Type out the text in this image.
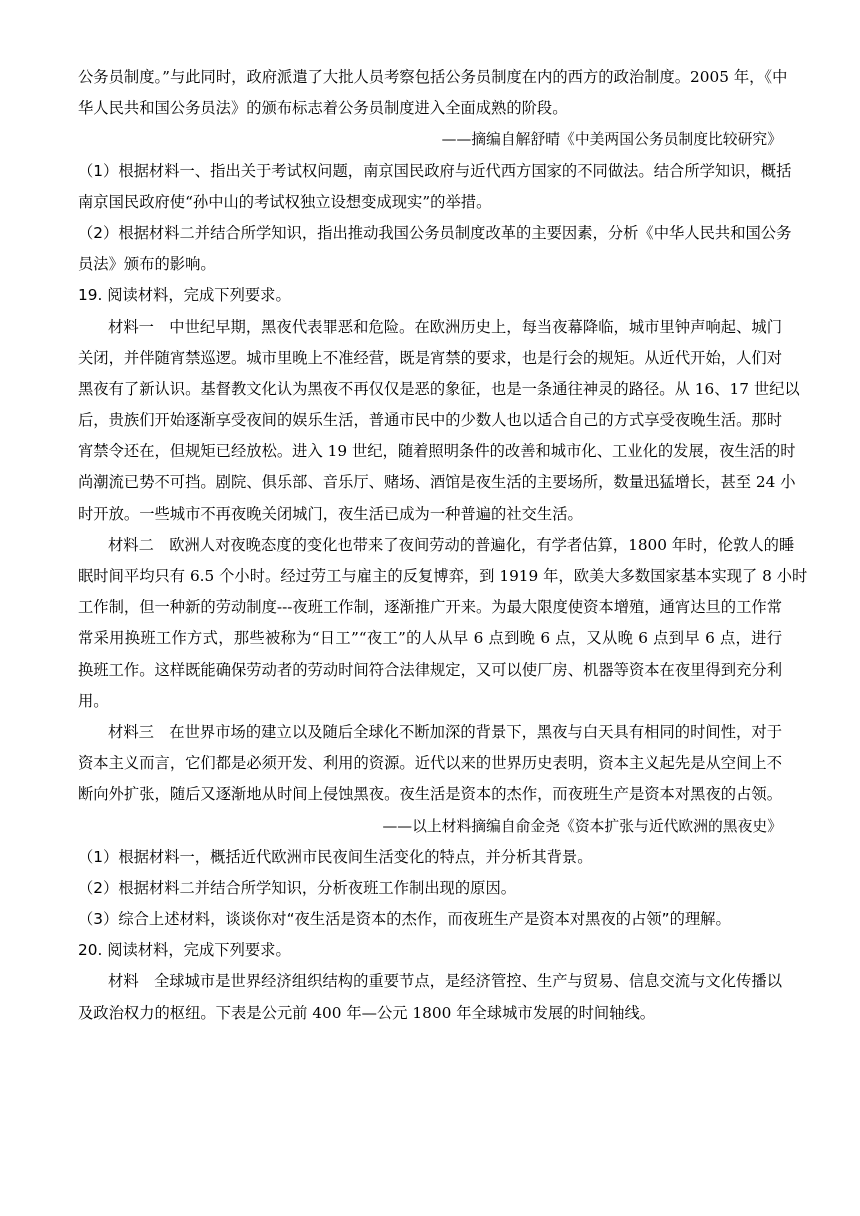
公务员制度。”与此同时，政府派遣了大批人员考察包括公务员制度在内的西方的政治制度。2005 年，《中
华人民共和国公务员法》的颁布标志着公务员制度进入全面成熟的阶段。
——摘编自解舒晴《中美两国公务员制度比较研究》
（1）根据材料一、指出关于考试权问题，南京国民政府与近代西方国家的不同做法。结合所学知识，概括
南京国民政府使“孙中山的考试权独立设想变成现实”的举措。
（2）根据材料二并结合所学知识，指出推动我国公务员制度改革的主要因素，分析《中华人民共和国公务
员法》颁布的影响。
19. 阅读材料，完成下列要求。
材料一　中世纪早期，黑夜代表罪恶和危险。在欧洲历史上，每当夜幕降临，城市里钟声响起、城门
关闭，并伴随宵禁巡逻。城市里晚上不准经营，既是宵禁的要求，也是行会的规矩。从近代开始，人们对
黑夜有了新认识。基督教文化认为黑夜不再仅仅是恶的象征，也是一条通往神灵的路径。从 16、17 世纪以
后，贵族们开始逐渐享受夜间的娱乐生活，普通市民中的少数人也以适合自己的方式享受夜晚生活。那时
宵禁令还在，但规矩已经放松。进入 19 世纪，随着照明条件的改善和城市化、工业化的发展，夜生活的时
尚潮流已势不可挡。剧院、俱乐部、音乐厅、赌场、酒馆是夜生活的主要场所，数量迅猛增长，甚至 24 小
时开放。一些城市不再夜晚关闭城门，夜生活已成为一种普遍的社交生活。
材料二　欧洲人对夜晚态度的变化也带来了夜间劳动的普遍化，有学者估算，1800 年时，伦敦人的睡
眠时间平均只有 6.5 个小时。经过劳工与雇主的反复博弈，到 1919 年，欧美大多数国家基本实现了 8 小时
工作制，但一种新的劳动制度---夜班工作制，逐渐推广开来。为最大限度使资本增殖，通宵达旦的工作常
常采用换班工作方式，那些被称为“日工”“夜工”的人从早 6 点到晚 6 点，又从晚 6 点到早 6 点，进行
换班工作。这样既能确保劳动者的劳动时间符合法律规定，又可以使厂房、机器等资本在夜里得到充分利
用。
材料三　在世界市场的建立以及随后全球化不断加深的背景下，黑夜与白天具有相同的时间性，对于
资本主义而言，它们都是必须开发、利用的资源。近代以来的世界历史表明，资本主义起先是从空间上不
断向外扩张，随后又逐渐地从时间上侵蚀黑夜。夜生活是资本的杰作，而夜班生产是资本对黑夜的占领。
——以上材料摘编自俞金尧《资本扩张与近代欧洲的黑夜史》
（1）根据材料一，概括近代欧洲市民夜间生活变化的特点，并分析其背景。
（2）根据材料二并结合所学知识，分析夜班工作制出现的原因。
（3）综合上述材料，谈谈你对“夜生活是资本的杰作，而夜班生产是资本对黑夜的占领”的理解。
20. 阅读材料，完成下列要求。
材料　全球城市是世界经济组织结构的重要节点，是经济管控、生产与贸易、信息交流与文化传播以
及政治权力的枢纽。下表是公元前 400 年—公元 1800 年全球城市发展的时间轴线。
